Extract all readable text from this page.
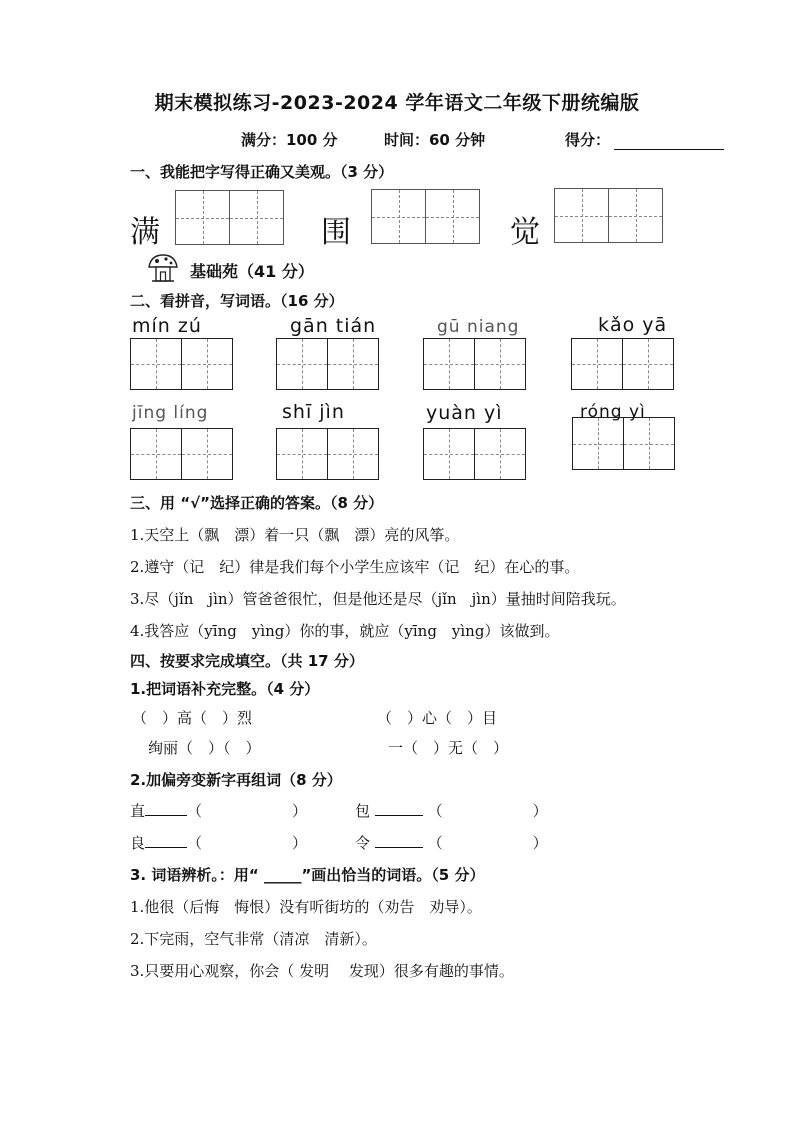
期末模拟练习-2023-2024 学年语文二年级下册统编版
满分：100 分	时间：60 分钟	得分：
一、我能把字写得正确又美观。（3 分）
满	围	觉
基础苑（41 分）
二、看拼音，写词语。（16 分）
mín zú	gān tián	gū niang	kǎo yā
jīng líng	shī jìn	yuàn yì	róng yì
三、用 “√”选择正确的答案。（8 分）
1.天空上（飘　漂）着一只（飘　漂）亮的风筝。
2.遵守（记　纪）律是我们每个小学生应该牢（记　纪）在心的事。
3.尽（jǐn　jìn）管爸爸很忙，但是他还是尽（jǐn　jìn）量抽时间陪我玩。
4.我答应（yīng　yìng）你的事，就应（yīng　yìng）该做到。
四、按要求完成填空。（共 17 分）
1.把词语补充完整。（4 分）
（　）高（　）烈	（　）心（　）目
绚丽（　）（　）	一（　）无（　）
2.加偏旁变新字再组词（8 分）
直	（　　　　　　）	包	（　　　　　　）
良	（　　　　　　）	令	（　　　　　　）
3. 词语辨析。：用“ _____”画出恰当的词语。（5 分）
1.他很（后悔　悔恨）没有听街坊的（劝告　劝导）。
2.下完雨，空气非常（清凉　清新）。
3.只要用心观察，你会（ 发明　 发现）很多有趣的事情。
